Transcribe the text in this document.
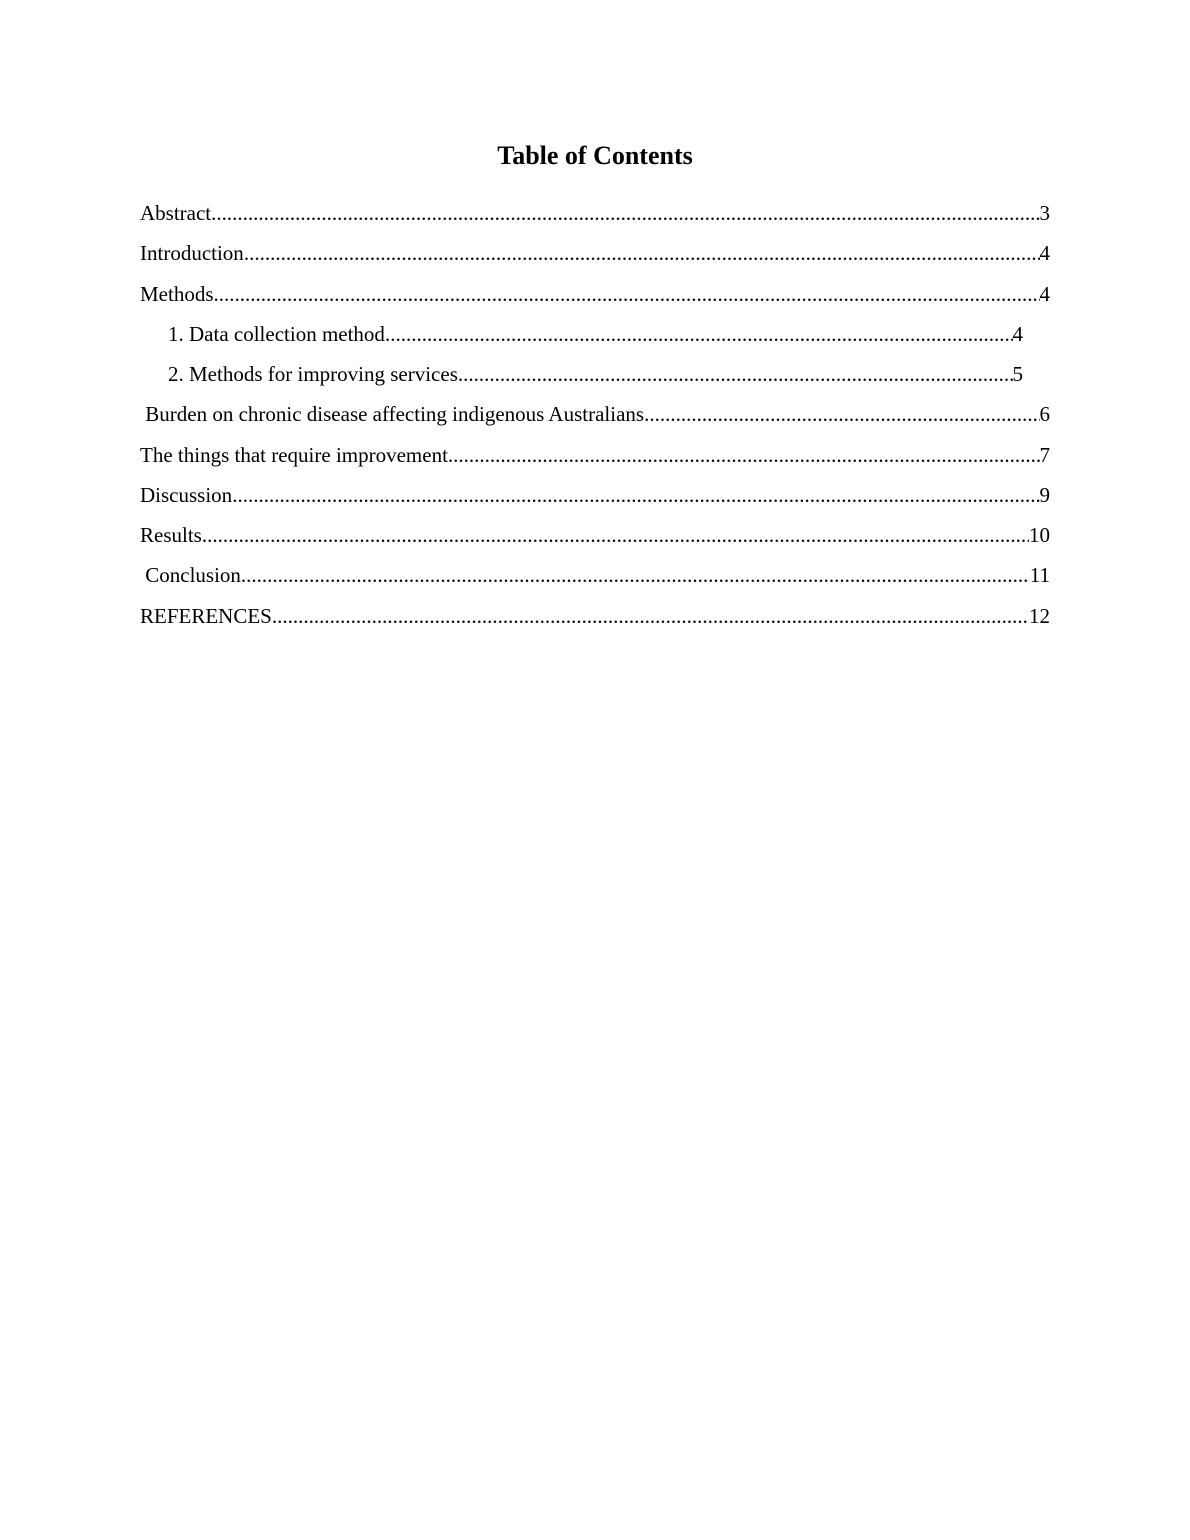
Table of Contents
Abstract .....	3
Introduction .....	4
Methods .....	4
1. Data collection method .....	4
2. Methods for improving services .....	5
Burden on chronic disease affecting indigenous Australians .....	6
The things that require improvement .....	7
Discussion .....	9
Results .....	10
Conclusion .....	11
REFERENCES .....	12
